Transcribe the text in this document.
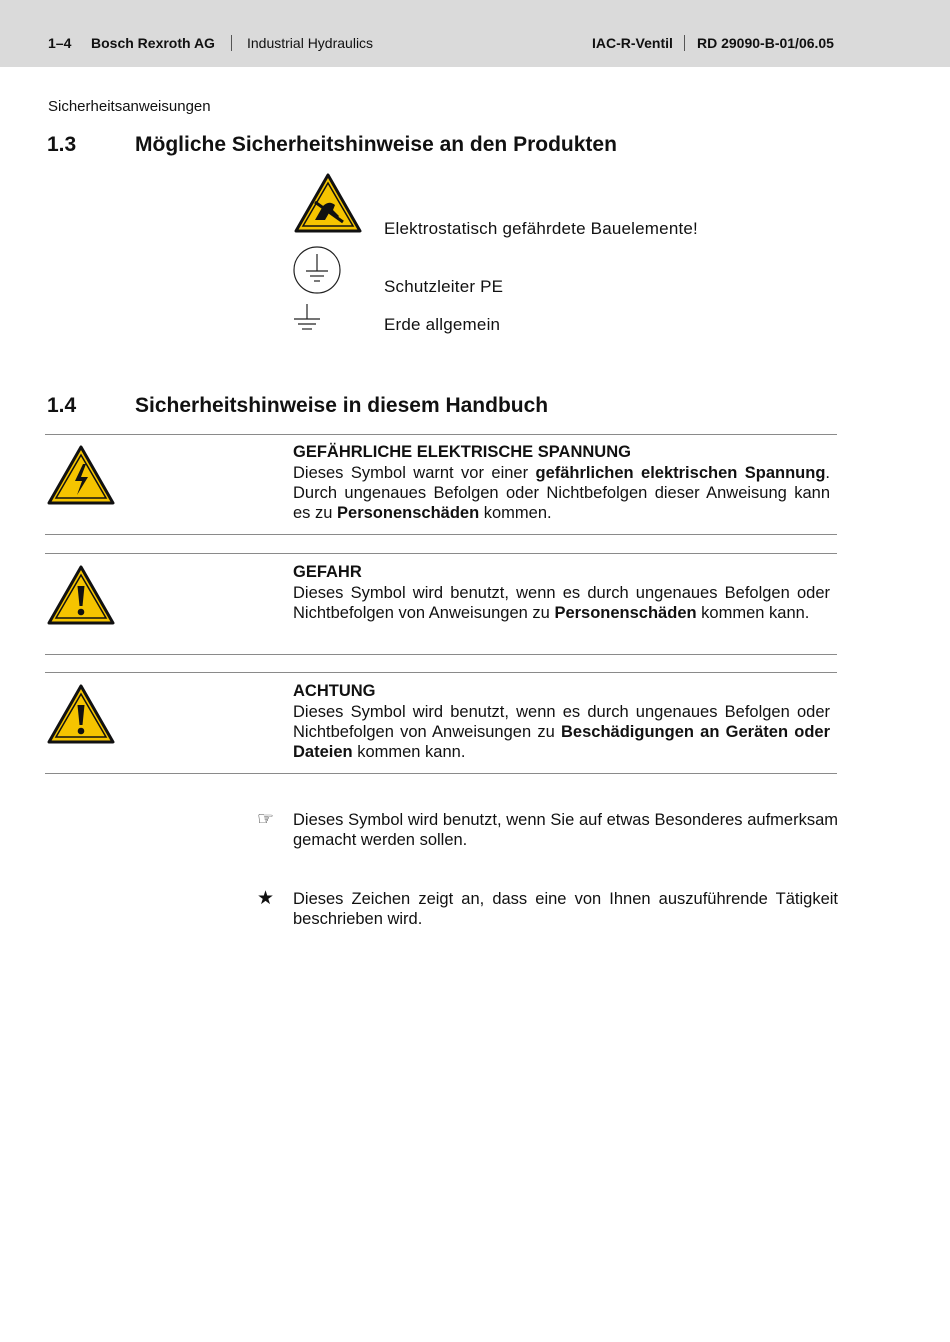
1–4 Bosch Rexroth AG Industrial Hydraulics	IAC-R-Ventil RD 29090-B-01/06.05
Sicherheitsanweisungen
1.3	Mögliche Sicherheitshinweise an den Produkten
Elektrostatisch gefährdete Bauelemente!
Schutzleiter PE
Erde allgemein
1.4	Sicherheitshinweise in diesem Handbuch
GEFÄHRLICHE ELEKTRISCHE SPANNUNG
Dieses Symbol warnt vor einer gefährlichen elektrischen Spannung. Durch ungenaues Befolgen oder Nichtbefolgen dieser Anweisung kann es zu Personenschäden kommen.
GEFAHR
Dieses Symbol wird benutzt, wenn es durch ungenaues Befolgen oder Nichtbefolgen von Anweisungen zu Personenschäden kommen kann.
ACHTUNG
Dieses Symbol wird benutzt, wenn es durch ungenaues Befolgen oder Nichtbefolgen von Anweisungen zu Beschädigungen an Geräten oder Dateien kommen kann.
☞ Dieses Symbol wird benutzt, wenn Sie auf etwas Besonderes aufmerksam gemacht werden sollen.
★ Dieses Zeichen zeigt an, dass eine von Ihnen auszuführende Tätigkeit beschrieben wird.
